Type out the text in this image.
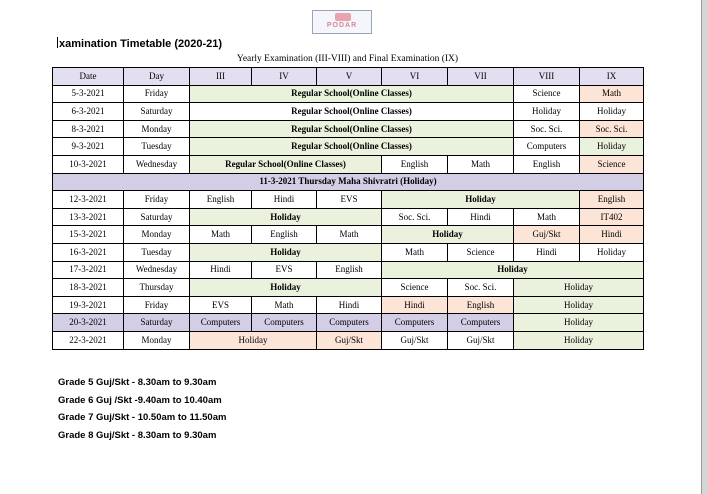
PODAR
xamination Timetable (2020-21)
Yearly Examination (III-VIII) and Final Examination (IX)
Date	Day	III	IV	V	VI	VII	VIII	IX
5-3-2021	Friday	Regular School(Online Classes)					Science	Math
6-3-2021	Saturday	Regular School(Online Classes)					Holiday	Holiday
8-3-2021	Monday	Regular School(Online Classes)					Soc. Sci.	Soc. Sci.
9-3-2021	Tuesday	Regular School(Online Classes)					Computers	Holiday
10-3-2021	Wednesday	Regular School(Online Classes)			English	Math	English	Science
11-3-2021 Thursday Maha Shivratri (Holiday)								
12-3-2021	Friday	English	Hindi	EVS	Holiday			English
13-3-2021	Saturday	Holiday			Soc. Sci.	Hindi	Math	IT402
15-3-2021	Monday	Math	English	Math	Holiday		Guj/Skt	Hindi
16-3-2021	Tuesday	Holiday			Math	Science	Hindi	Holiday
17-3-2021	Wednesday	Hindi	EVS	English	Holiday			
18-3-2021	Thursday	Holiday			Science	Soc. Sci.	Holiday	
19-3-2021	Friday	EVS	Math	Hindi	Hindi	English	Holiday	
20-3-2021	Saturday	Computers	Computers	Computers	Computers	Computers	Holiday	
22-3-2021	Monday	Holiday		Guj/Skt	Guj/Skt	Guj/Skt	Holiday	
Grade 5 Guj/Skt - 8.30am to 9.30am
Grade 6 Guj /Skt -9.40am to 10.40am
Grade 7 Guj/Skt - 10.50am to 11.50am
Grade 8 Guj/Skt - 8.30am to 9.30am
